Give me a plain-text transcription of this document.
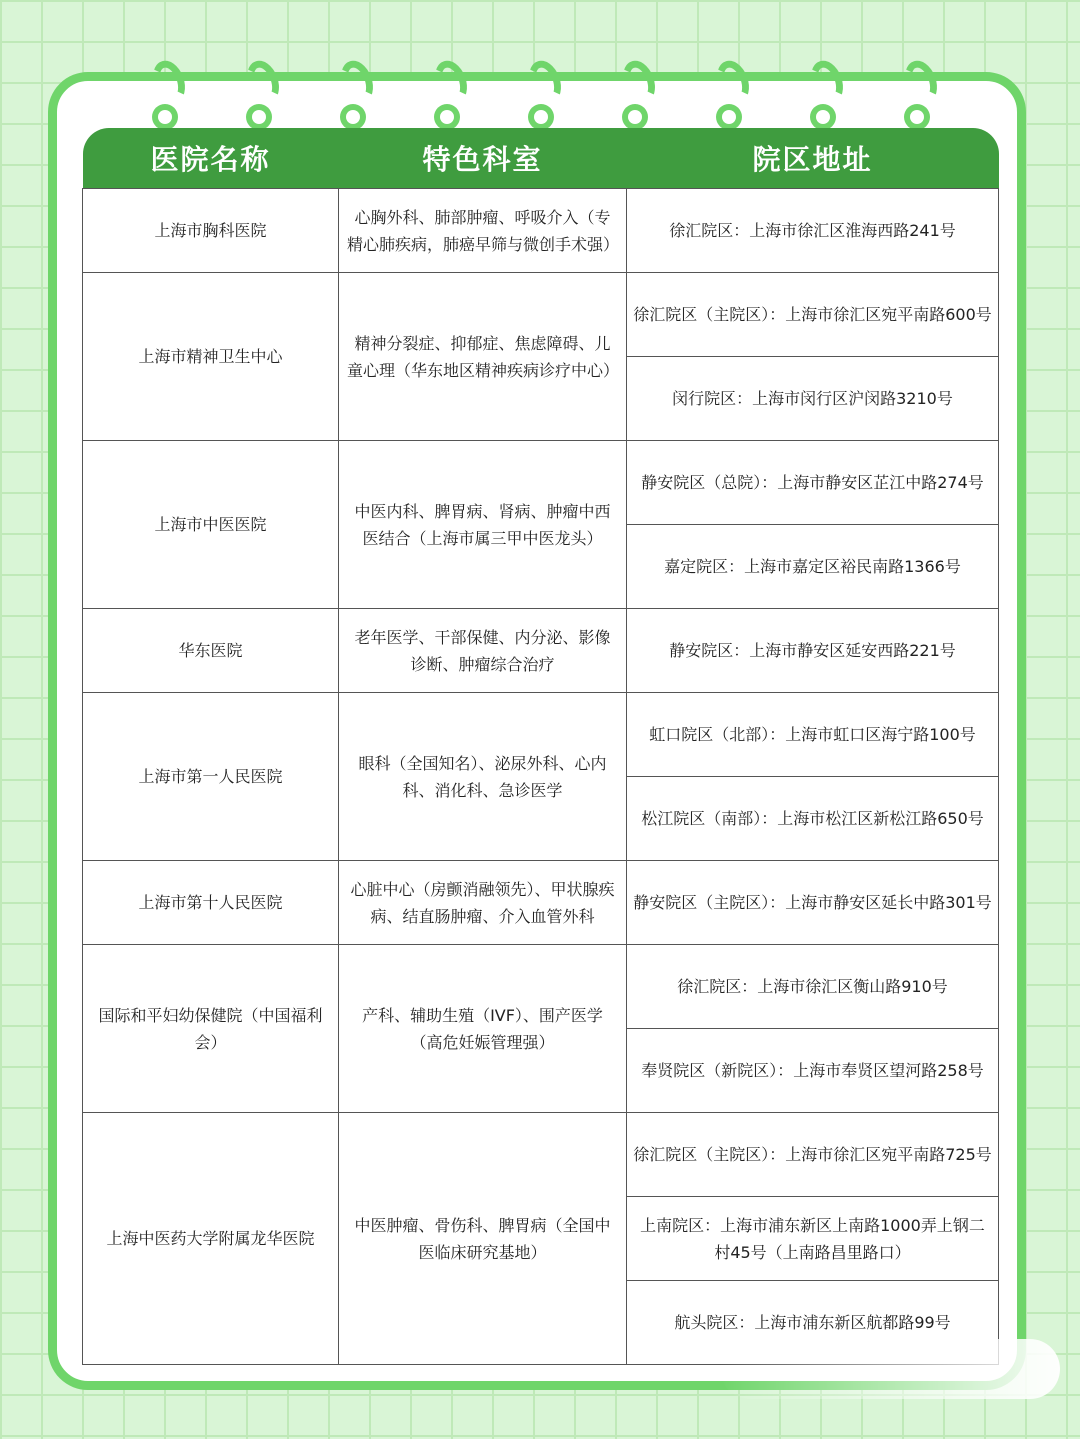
医院名称	特色科室	院区地址
上海市胸科医院	心胸外科、肺部肿瘤、呼吸介入（专精心肺疾病，肺癌早筛与微创手术强）	徐汇院区：上海市徐汇区淮海西路241号
上海市精神卫生中心	精神分裂症、抑郁症、焦虑障碍、儿童心理（华东地区精神疾病诊疗中心）	徐汇院区（主院区）：上海市徐汇区宛平南路600号
		闵行院区：上海市闵行区沪闵路3210号
上海市中医医院	中医内科、脾胃病、肾病、肿瘤中西医结合（上海市属三甲中医龙头）	静安院区（总院）：上海市静安区芷江中路274号
		嘉定院区：上海市嘉定区裕民南路1366号
华东医院	老年医学、干部保健、内分泌、影像诊断、肿瘤综合治疗	静安院区：上海市静安区延安西路221号
上海市第一人民医院	眼科（全国知名）、泌尿外科、心内科、消化科、急诊医学	虹口院区（北部）：上海市虹口区海宁路100号
		松江院区（南部）：上海市松江区新松江路650号
上海市第十人民医院	心脏中心（房颤消融领先）、甲状腺疾病、结直肠肿瘤、介入血管外科	静安院区（主院区）：上海市静安区延长中路301号
国际和平妇幼保健院（中国福利会）	产科、辅助生殖（IVF）、围产医学（高危妊娠管理强）	徐汇院区：上海市徐汇区衡山路910号
		奉贤院区（新院区）：上海市奉贤区望河路258号
上海中医药大学附属龙华医院	中医肿瘤、骨伤科、脾胃病（全国中医临床研究基地）	徐汇院区（主院区）：上海市徐汇区宛平南路725号
		上南院区：上海市浦东新区上南路1000弄上钢二村45号（上南路昌里路口）
		航头院区：上海市浦东新区航都路99号
